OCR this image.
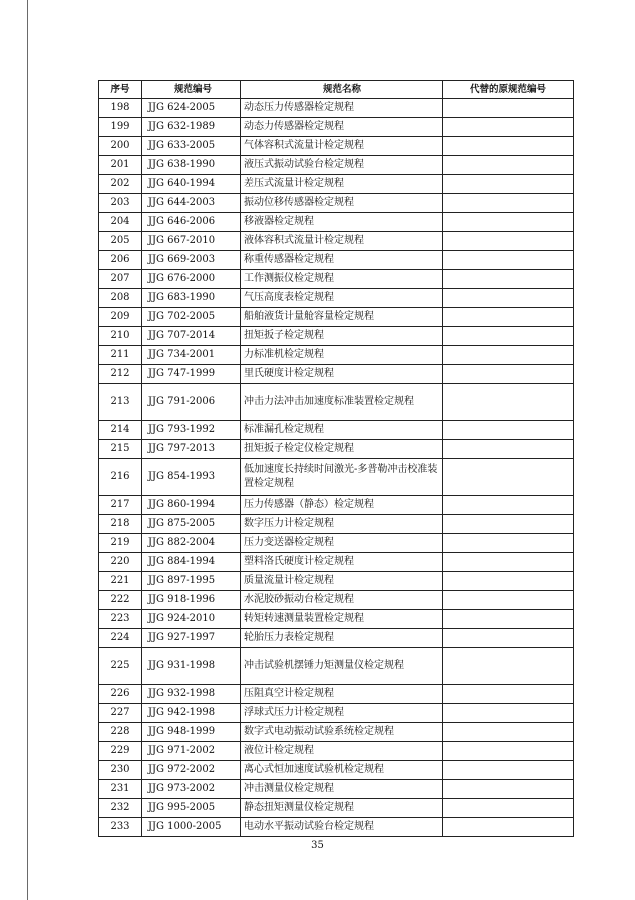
序号	规范编号	规范名称	代替的原规范编号
198	JJG 624-2005	动态压力传感器检定规程	
199	JJG 632-1989	动态力传感器检定规程	
200	JJG 633-2005	气体容积式流量计检定规程	
201	JJG 638-1990	液压式振动试验台检定规程	
202	JJG 640-1994	差压式流量计检定规程	
203	JJG 644-2003	振动位移传感器检定规程	
204	JJG 646-2006	移液器检定规程	
205	JJG 667-2010	液体容积式流量计检定规程	
206	JJG 669-2003	称重传感器检定规程	
207	JJG 676-2000	工作测振仪检定规程	
208	JJG 683-1990	气压高度表检定规程	
209	JJG 702-2005	船舶液货计量舱容量检定规程	
210	JJG 707-2014	扭矩扳子检定规程	
211	JJG 734-2001	力标准机检定规程	
212	JJG 747-1999	里氏硬度计检定规程	
213	JJG 791-2006	冲击力法冲击加速度标准装置检定规程	
214	JJG 793-1992	标准漏孔检定规程	
215	JJG 797-2013	扭矩扳子检定仪检定规程	
216	JJG 854-1993	低加速度长持续时间激光-多普勒冲击校准装置检定规程	
217	JJG 860-1994	压力传感器（静态）检定规程	
218	JJG 875-2005	数字压力计检定规程	
219	JJG 882-2004	压力变送器检定规程	
220	JJG 884-1994	塑料洛氏硬度计检定规程	
221	JJG 897-1995	质量流量计检定规程	
222	JJG 918-1996	水泥胶砂振动台检定规程	
223	JJG 924-2010	转矩转速测量装置检定规程	
224	JJG 927-1997	轮胎压力表检定规程	
225	JJG 931-1998	冲击试验机摆锤力矩测量仪检定规程	
226	JJG 932-1998	压阻真空计检定规程	
227	JJG 942-1998	浮球式压力计检定规程	
228	JJG 948-1999	数字式电动振动试验系统检定规程	
229	JJG 971-2002	液位计检定规程	
230	JJG 972-2002	离心式恒加速度试验机检定规程	
231	JJG 973-2002	冲击测量仪检定规程	
232	JJG 995-2005	静态扭矩测量仪检定规程	
233	JJG 1000-2005	电动水平振动试验台检定规程	
35
